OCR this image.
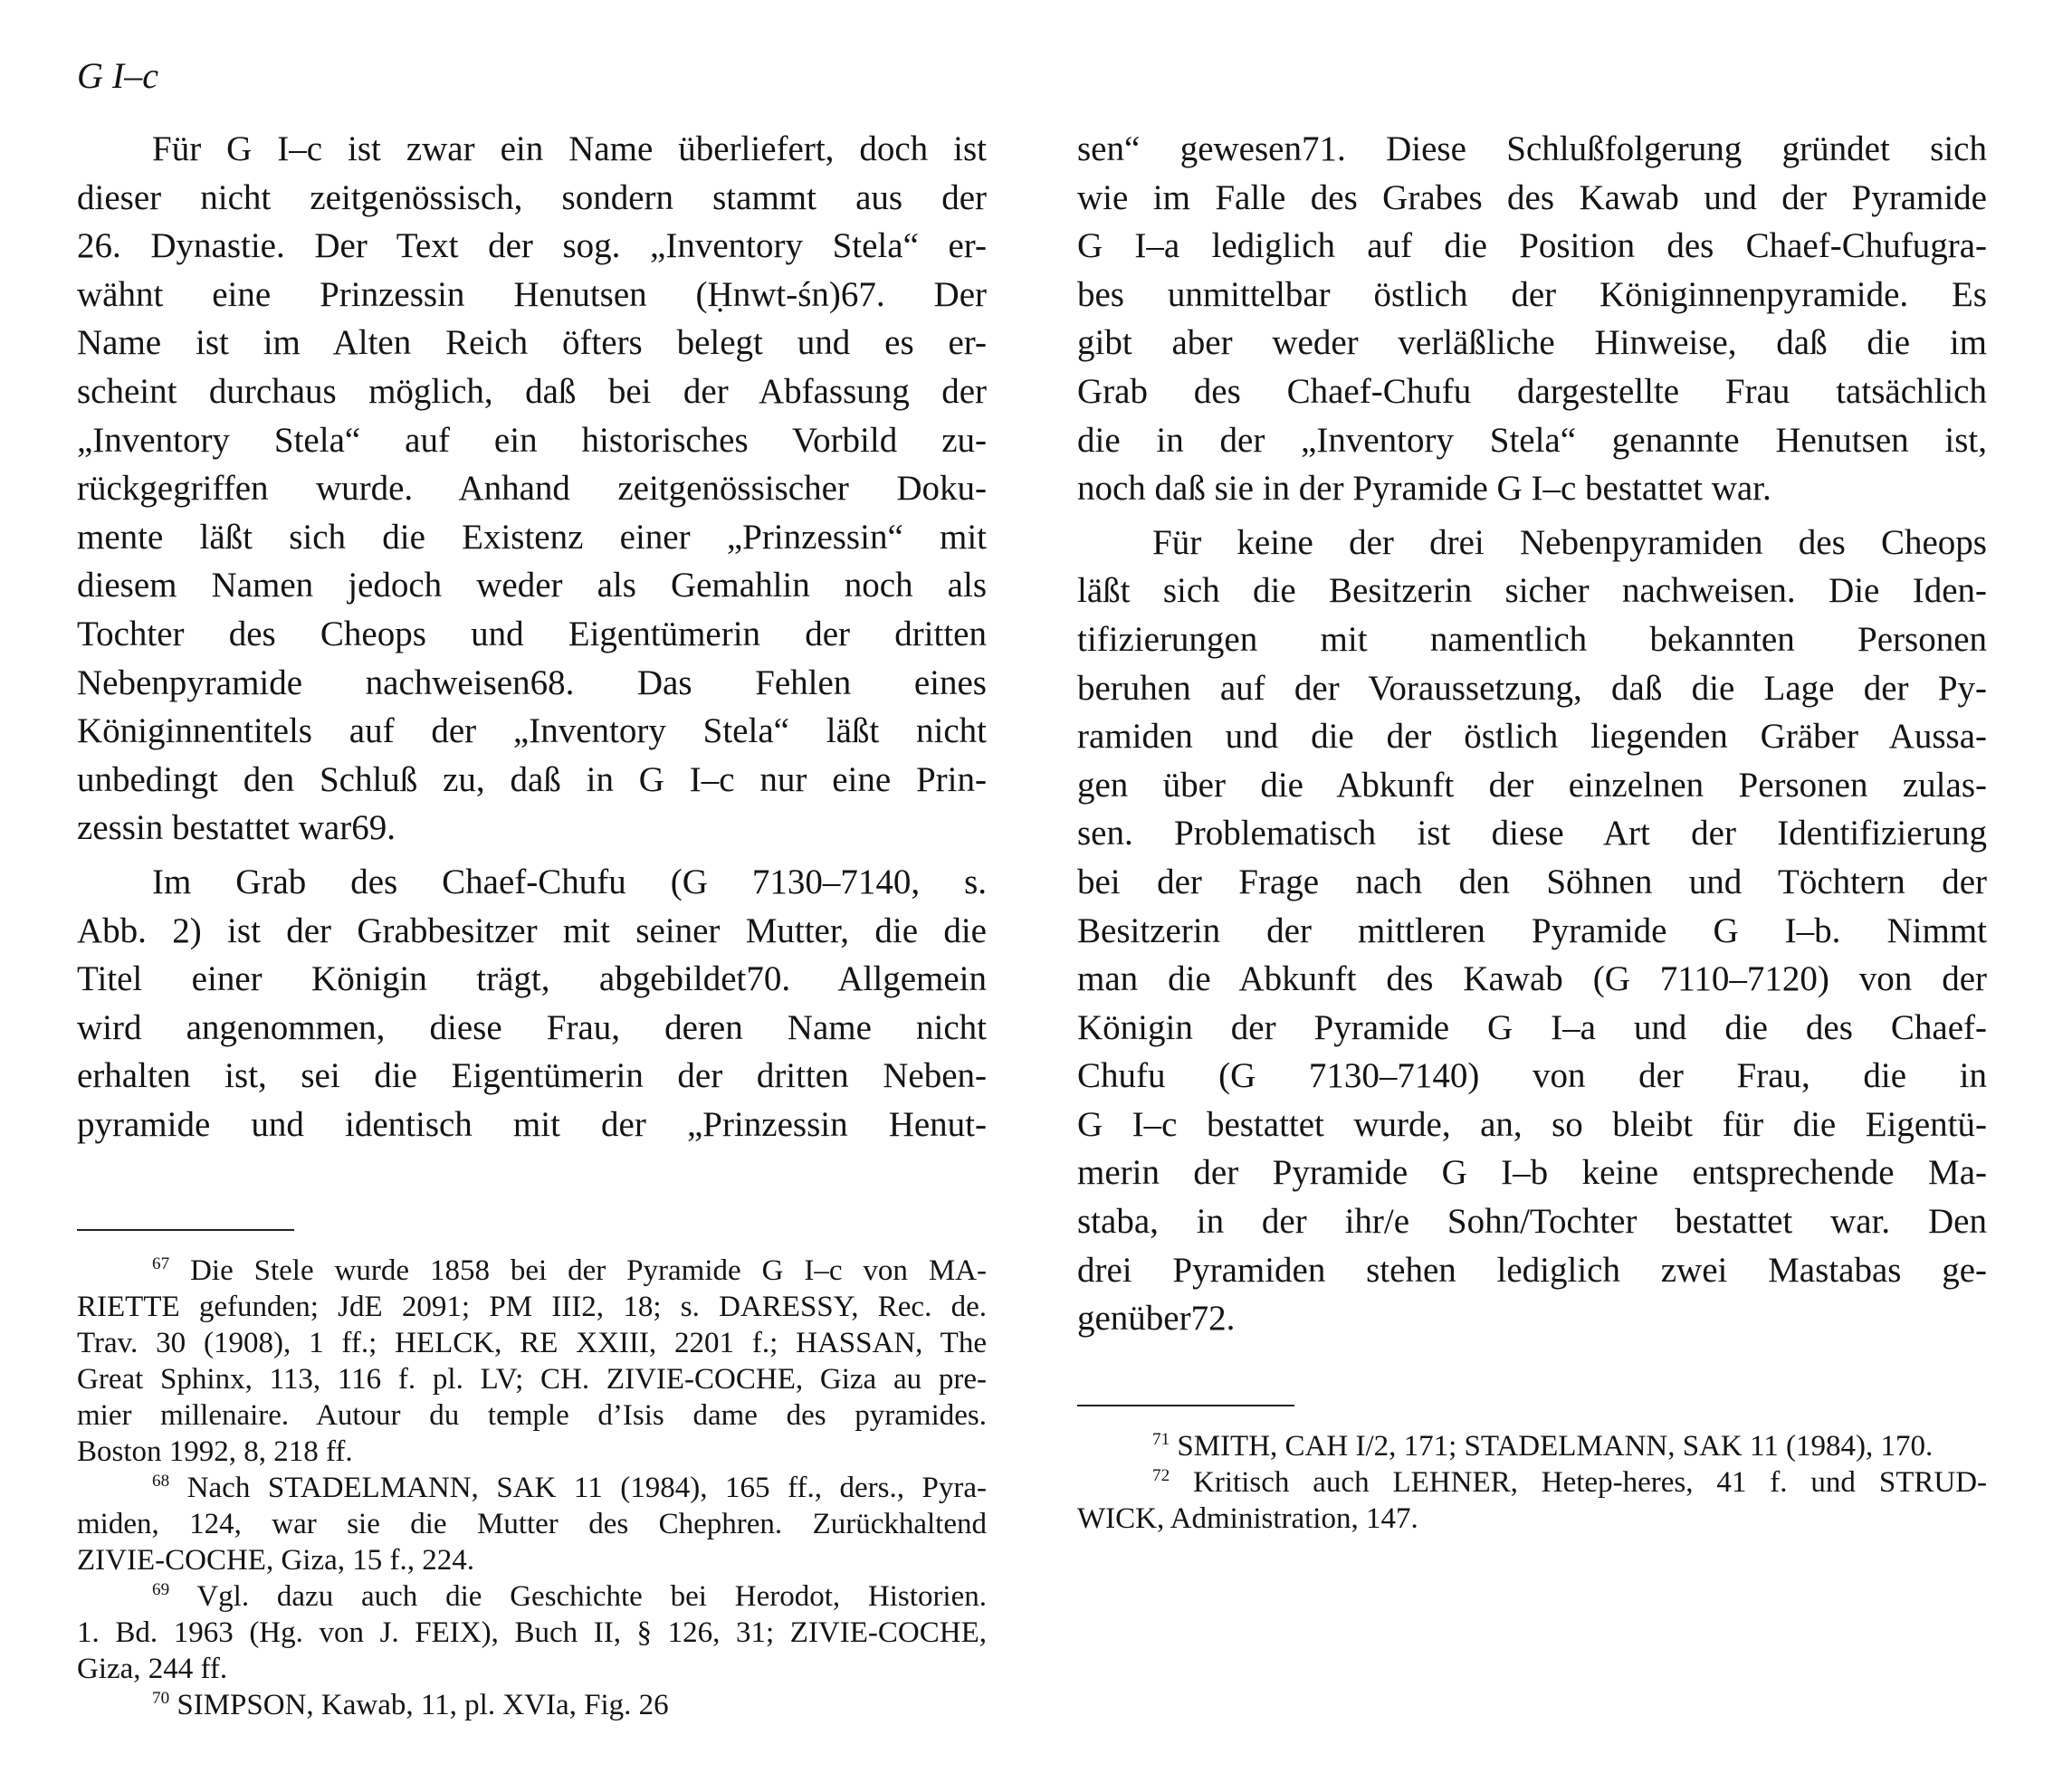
G I–c
Für G I–c ist zwar ein Name überliefert, doch ist
dieser nicht zeitgenössisch, sondern stammt aus der
26. Dynastie. Der Text der sog. „Inventory Stela“ er-
wähnt eine Prinzessin Henutsen (Ḥnwt-śn)67. Der
Name ist im Alten Reich öfters belegt und es er-
scheint durchaus möglich, daß bei der Abfassung der
„Inventory Stela“ auf ein historisches Vorbild zu-
rückgegriffen wurde. Anhand zeitgenössischer Doku-
mente läßt sich die Existenz einer „Prinzessin“ mit
diesem Namen jedoch weder als Gemahlin noch als
Tochter des Cheops und Eigentümerin der dritten
Nebenpyramide nachweisen68. Das Fehlen eines
Königinnentitels auf der „Inventory Stela“ läßt nicht
unbedingt den Schluß zu, daß in G I–c nur eine Prin-
zessin bestattet war69.
Im Grab des Chaef-Chufu (G 7130–7140, s.
Abb. 2) ist der Grabbesitzer mit seiner Mutter, die die
Titel einer Königin trägt, abgebildet70. Allgemein
wird angenommen, diese Frau, deren Name nicht
erhalten ist, sei die Eigentümerin der dritten Neben-
pyramide und identisch mit der „Prinzessin Henut-
$^{67}$ Die Stele wurde 1858 bei der Pyramide G I–c von MA-
RIETTE gefunden; JdE 2091; PM III2, 18; s. DARESSY, Rec. de.
Trav. 30 (1908), 1 ff.; HELCK, RE XXIII, 2201 f.; HASSAN, The
Great Sphinx, 113, 116 f. pl. LV; CH. ZIVIE-COCHE, Giza au pre-
mier millenaire. Autour du temple d’Isis dame des pyramides.
Boston 1992, 8, 218 ff.
$^{68}$ Nach STADELMANN, SAK 11 (1984), 165 ff., ders., Pyra-
miden, 124, war sie die Mutter des Chephren. Zurückhaltend
ZIVIE-COCHE, Giza, 15 f., 224.
$^{69}$ Vgl. dazu auch die Geschichte bei Herodot, Historien.
1. Bd. 1963 (Hg. von J. FEIX), Buch II, § 126, 31; ZIVIE-COCHE,
Giza, 244 ff.
$^{70}$ SIMPSON, Kawab, 11, pl. XVIa, Fig. 26
sen“ gewesen71. Diese Schlußfolgerung gründet sich
wie im Falle des Grabes des Kawab und der Pyramide
G I–a lediglich auf die Position des Chaef-Chufugra-
bes unmittelbar östlich der Königinnenpyramide. Es
gibt aber weder verläßliche Hinweise, daß die im
Grab des Chaef-Chufu dargestellte Frau tatsächlich
die in der „Inventory Stela“ genannte Henutsen ist,
noch daß sie in der Pyramide G I–c bestattet war.
Für keine der drei Nebenpyramiden des Cheops
läßt sich die Besitzerin sicher nachweisen. Die Iden-
tifizierungen mit namentlich bekannten Personen
beruhen auf der Voraussetzung, daß die Lage der Py-
ramiden und die der östlich liegenden Gräber Aussa-
gen über die Abkunft der einzelnen Personen zulas-
sen. Problematisch ist diese Art der Identifizierung
bei der Frage nach den Söhnen und Töchtern der
Besitzerin der mittleren Pyramide G I–b. Nimmt
man die Abkunft des Kawab (G 7110–7120) von der
Königin der Pyramide G I–a und die des Chaef-
Chufu (G 7130–7140) von der Frau, die in
G I–c bestattet wurde, an, so bleibt für die Eigentü-
merin der Pyramide G I–b keine entsprechende Ma-
staba, in der ihr/e Sohn/Tochter bestattet war. Den
drei Pyramiden stehen lediglich zwei Mastabas ge-
genüber72.
$^{71}$ SMITH, CAH I/2, 171; STADELMANN, SAK 11 (1984), 170.
$^{72}$ Kritisch auch LEHNER, Hetep-heres, 41 f. und STRUD-
WICK, Administration, 147.
